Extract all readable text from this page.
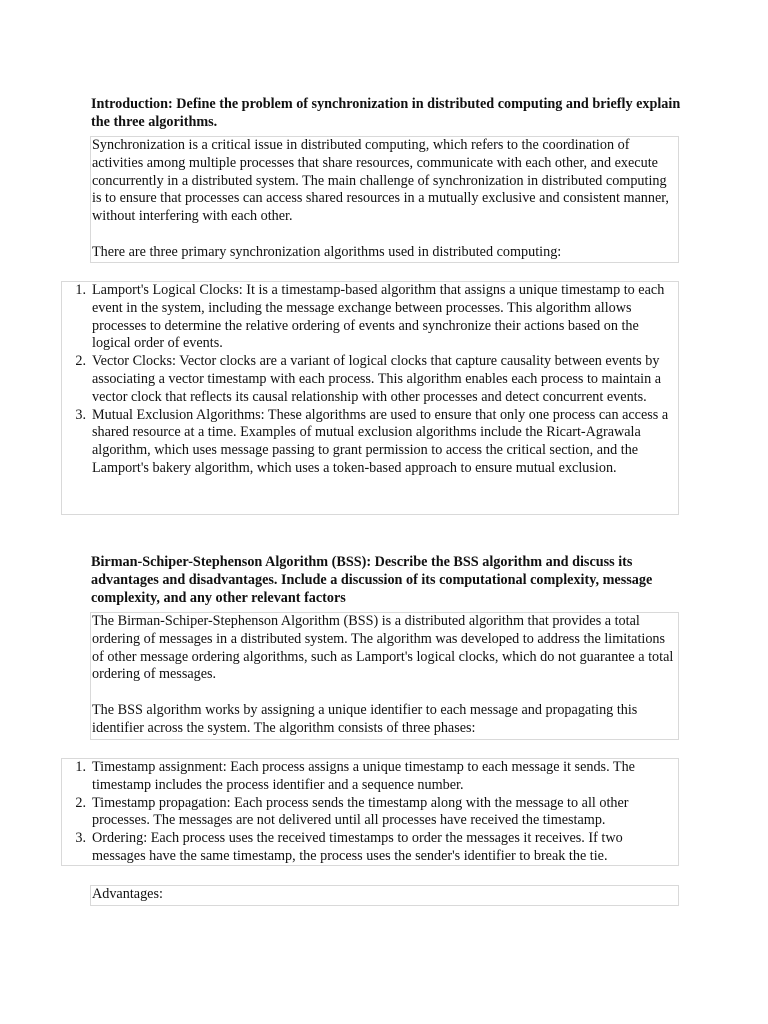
Introduction: Define the problem of synchronization in distributed computing and briefly explain the three algorithms.

Synchronization is a critical issue in distributed computing, which refers to the coordination of activities among multiple processes that share resources, communicate with each other, and execute concurrently in a distributed system. The main challenge of synchronization in distributed computing is to ensure that processes can access shared resources in a mutually exclusive and consistent manner, without interfering with each other.

There are three primary synchronization algorithms used in distributed computing:

1. Lamport's Logical Clocks: It is a timestamp-based algorithm that assigns a unique timestamp to each event in the system, including the message exchange between processes. This algorithm allows processes to determine the relative ordering of events and synchronize their actions based on the logical order of events.
2. Vector Clocks: Vector clocks are a variant of logical clocks that capture causality between events by associating a vector timestamp with each process. This algorithm enables each process to maintain a vector clock that reflects its causal relationship with other processes and detect concurrent events.
3. Mutual Exclusion Algorithms: These algorithms are used to ensure that only one process can access a shared resource at a time. Examples of mutual exclusion algorithms include the Ricart-Agrawala algorithm, which uses message passing to grant permission to access the critical section, and the Lamport's bakery algorithm, which uses a token-based approach to ensure mutual exclusion.
Birman-Schiper-Stephenson Algorithm (BSS): Describe the BSS algorithm and discuss its advantages and disadvantages. Include a discussion of its computational complexity, message complexity, and any other relevant factors

The Birman-Schiper-Stephenson Algorithm (BSS) is a distributed algorithm that provides a total ordering of messages in a distributed system. The algorithm was developed to address the limitations of other message ordering algorithms, such as Lamport's logical clocks, which do not guarantee a total ordering of messages.

The BSS algorithm works by assigning a unique identifier to each message and propagating this identifier across the system. The algorithm consists of three phases:

1. Timestamp assignment: Each process assigns a unique timestamp to each message it sends. The timestamp includes the process identifier and a sequence number.
2. Timestamp propagation: Each process sends the timestamp along with the message to all other processes. The messages are not delivered until all processes have received the timestamp.
3. Ordering: Each process uses the received timestamps to order the messages it receives. If two messages have the same timestamp, the process uses the sender's identifier to break the tie.

Advantages:
